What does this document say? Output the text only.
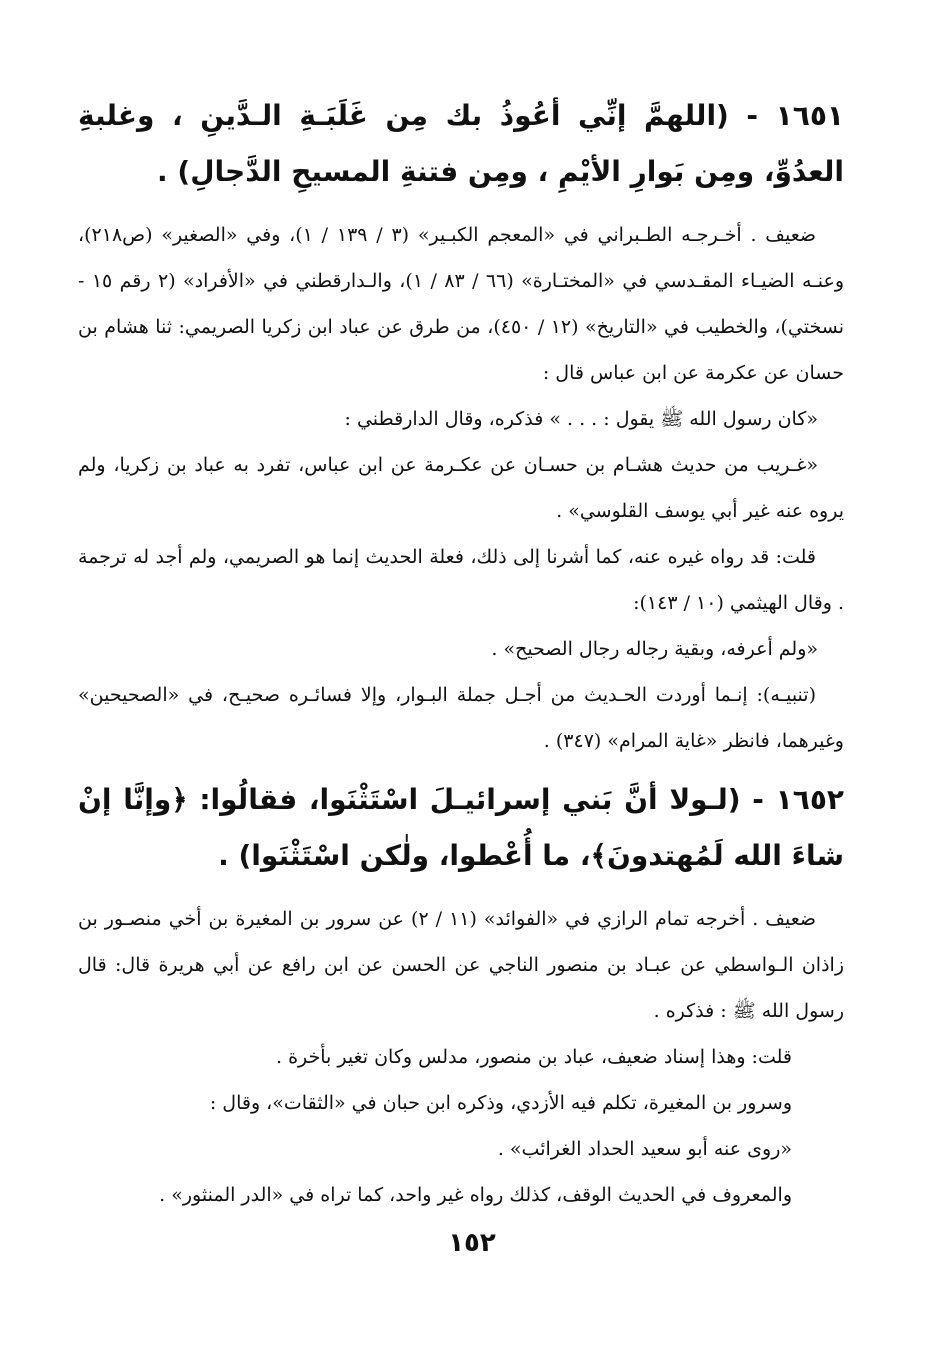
١٦٥١ - (اللهمَّ إنِّي أعُوذُ بك مِن غَلَبَـةِ الـدَّينِ ، وغلبةِ العدُوِّ، ومِن بَوارِ الأيْمِ ، ومِن فتنةِ المسيحِ الدَّجالِ) .

ضعيف . أخـرجـه الطـبراني في «المعجم الكبـير» (٣ / ١٣٩ / ١)، وفي «الصغير» (ص٢١٨)، وعنـه الضيـاء المقـدسي في «المختـارة» (٦٦ / ٨٣ / ١)، والـدارقطني في «الأفراد» (٢ رقم ١٥ - نسختي)، والخطيب في «التاريخ» (١٢ / ٤٥٠)، من طرق عن عباد ابن زكريا الصريمي: ثنا هشام بن حسان عن عكرمة عن ابن عباس قال :

«كان رسول الله ﷺ يقول : . . . » فذكره، وقال الدارقطني :

«غـريب من حديث هشـام بن حسـان عن عكـرمة عن ابن عباس، تفرد به عباد بن زكريا، ولم يروه عنه غير أبي يوسف القلوسي» .

قلت: قد رواه غيره عنه، كما أشرنا إلى ذلك، فعلة الحديث إنما هو الصريمي، ولم أجد له ترجمة . وقال الهيثمي (١٠ / ١٤٣):

«ولم أعرفه، وبقية رجاله رجال الصحيح» .

(تنبيـه): إنـما أوردت الحـديث من أجـل جملة البـوار، وإلا فسائـره صحيـح، في «الصحيحين» وغيرهما، فانظر «غاية المرام» (٣٤٧) .

١٦٥٢ - (لـولا أنَّ بَني إسرائيـلَ اسْتَثْنَوا، فقالُوا: ﴿وإنَّا إنْ شاءَ الله لَمُهتدونَ﴾، ما أُعْطوا، ولٰكن اسْتَثْنَوا) .

ضعيف . أخرجه تمام الرازي في «الفوائد» (١١ / ٢) عن سرور بن المغيرة بن أخي منصـور بن زاذان الـواسطي عن عبـاد بن منصور الناجي عن الحسن عن ابن رافع عن أبي هريرة قال: قال رسول الله ﷺ : فذكره .

قلت: وهذا إسناد ضعيف، عباد بن منصور، مدلس وكان تغير بأخرة .

وسرور بن المغيرة، تكلم فيه الأزدي، وذكره ابن حبان في «الثقات»، وقال :

«روى عنه أبو سعيد الحداد الغرائب» .

والمعروف في الحديث الوقف، كذلك رواه غير واحد، كما تراه في «الدر المنثور» .

١٥٢
